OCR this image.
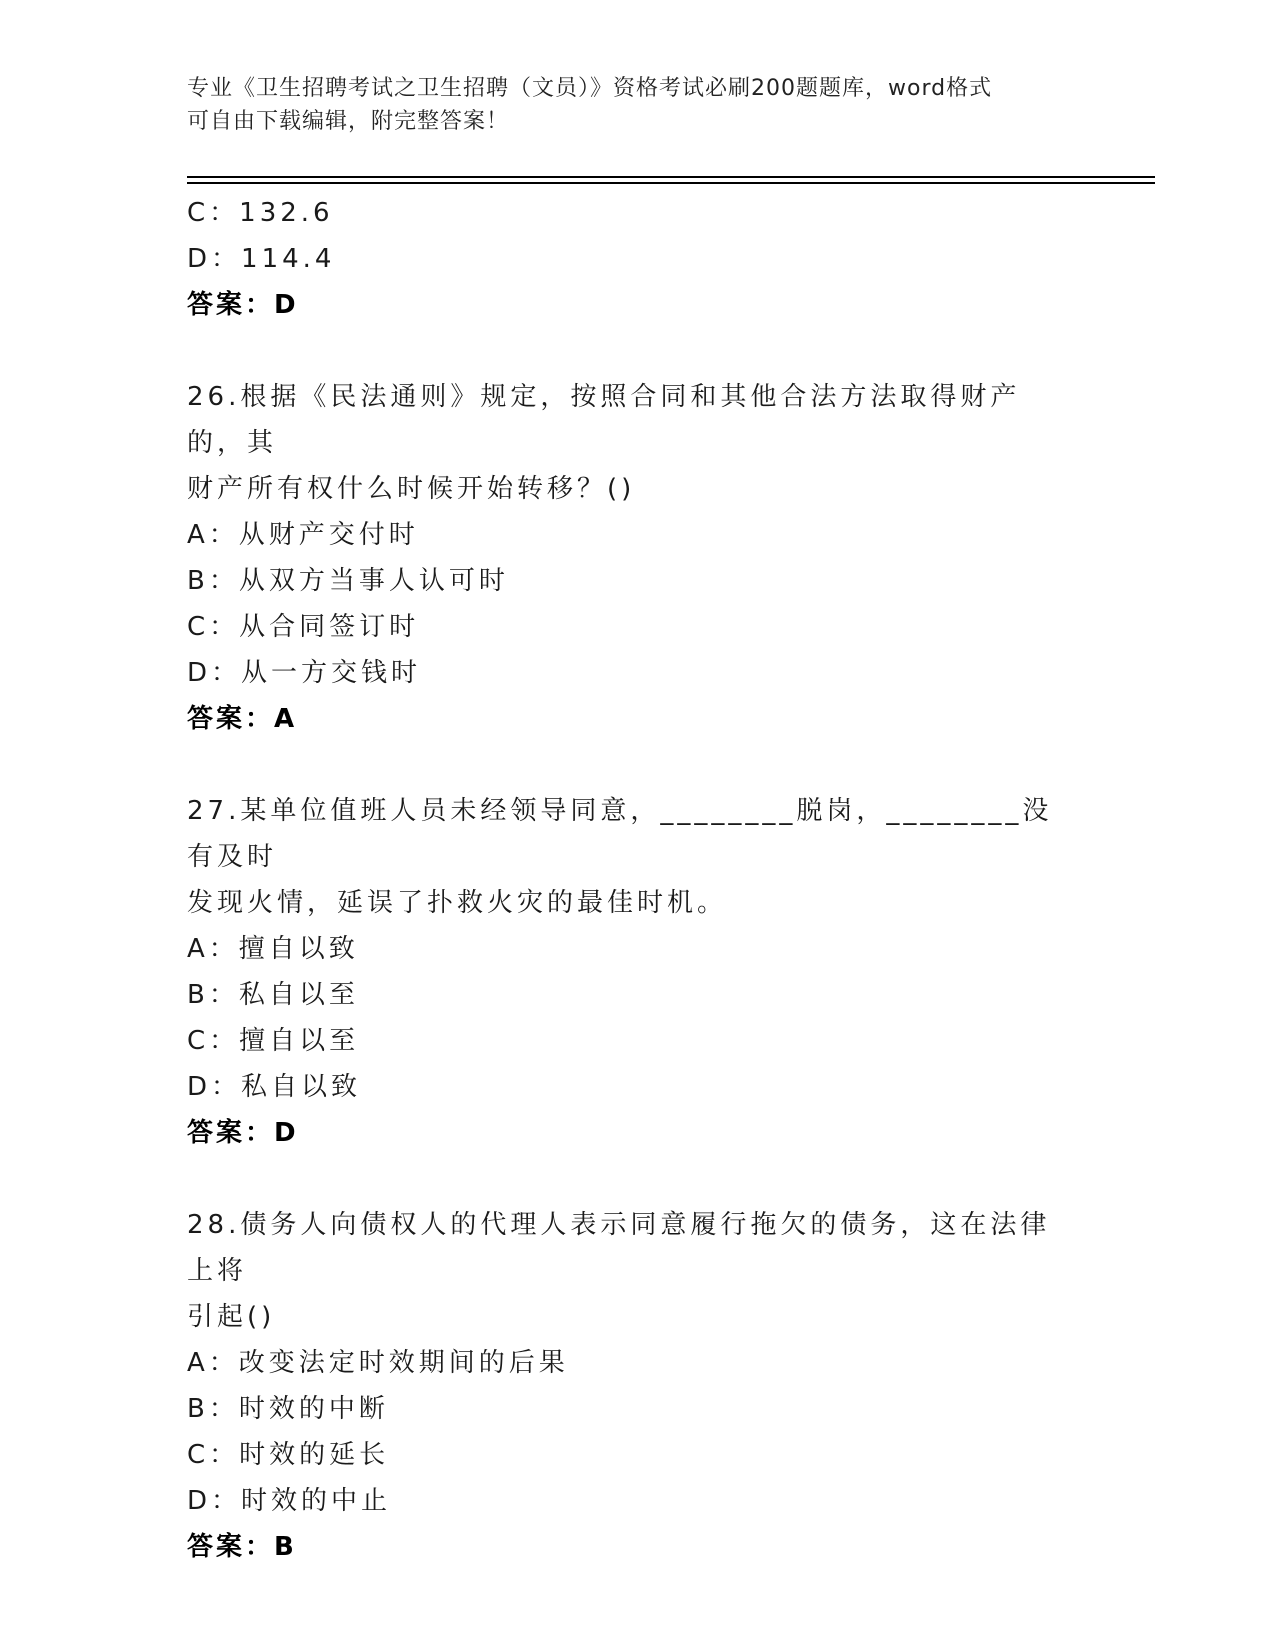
专业《卫生招聘考试之卫生招聘（文员）》资格考试必刷200题题库，word格式
可自由下载编辑，附完整答案！
C：132.6
D：114.4
答案：D
26.根据《民法通则》规定，按照合同和其他合法方法取得财产的，其
财产所有权什么时候开始转移？()
A：从财产交付时
B：从双方当事人认可时
C：从合同签订时
D：从一方交钱时
答案：A
27.某单位值班人员未经领导同意，________脱岗，________没有及时
发现火情，延误了扑救火灾的最佳时机。
A：擅自以致
B：私自以至
C：擅自以至
D：私自以致
答案：D
28.债务人向债权人的代理人表示同意履行拖欠的债务，这在法律上将
引起()
A：改变法定时效期间的后果
B：时效的中断
C：时效的延长
D：时效的中止
答案：B
